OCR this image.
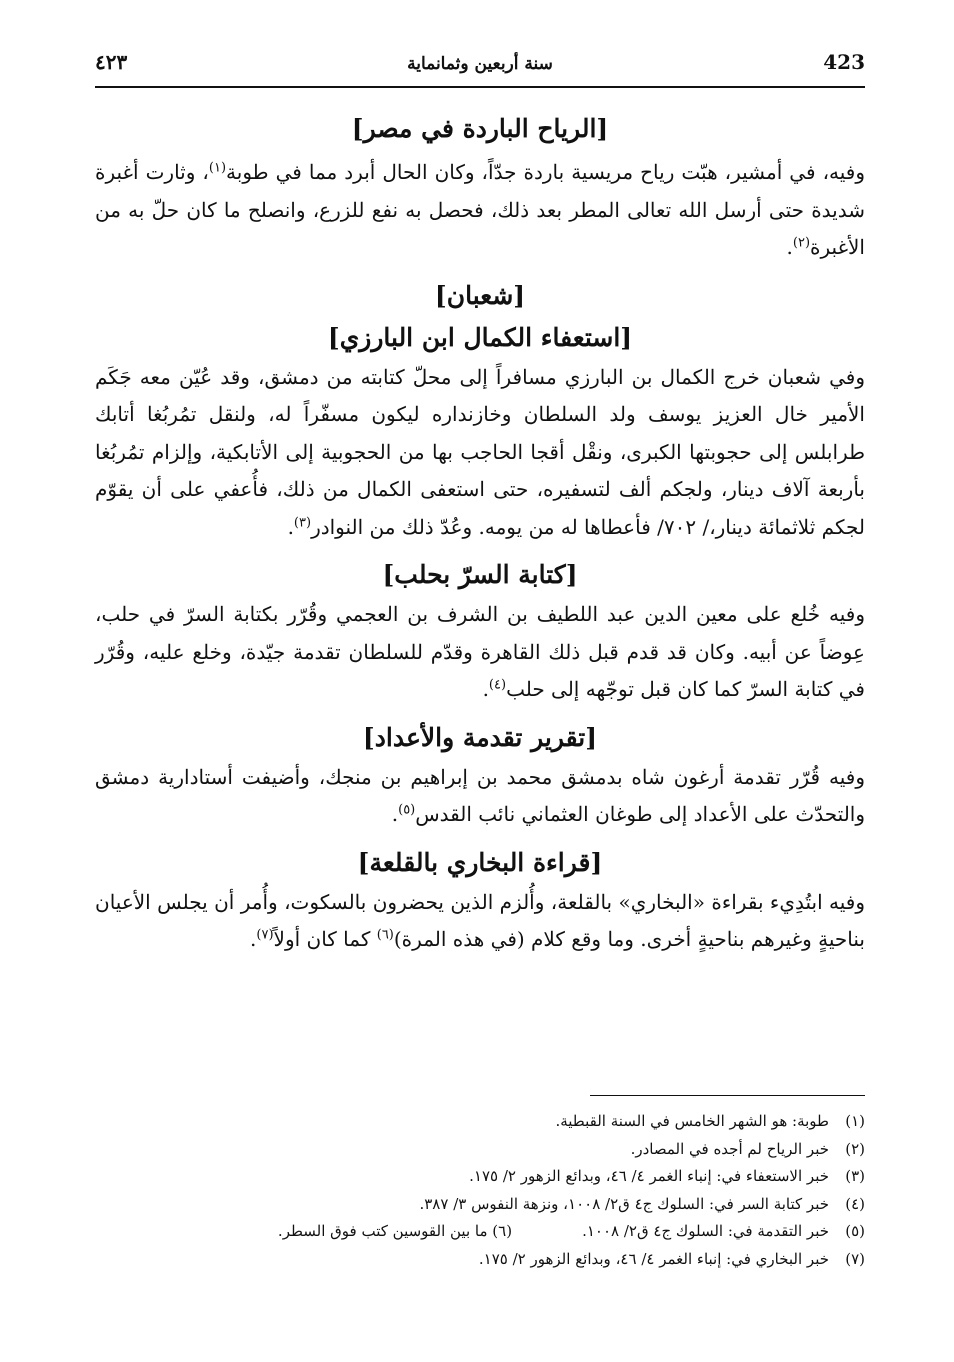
423
سنة أربعين وثمانماية
٤٢٣
[الرياح الباردة في مصر]

وفيه، في أمشير، هبّت رياح مريسية باردة جدّاً، وكان الحال أبرد مما في طوبة$^{(١)}$، وثارت أغبرة شديدة حتى أرسل الله تعالى المطر بعد ذلك، فحصل به نفع للزرع، وانصلح ما كان حلّ به من الأغبرة$^{(٢)}$.

[شعبان]
[استعفاء الكمال ابن البارزي]

وفي شعبان خرج الكمال بن البارزي مسافراً إلى محلّ كتابته من دمشق، وقد عُيّن معه جَكَم الأمير خال العزيز يوسف ولد السلطان وخازنداره ليكون مسفّراً له، ولنقل تمُربُغا أتابك طرابلس إلى حجوبتها الكبرى، ونقْل أقجا الحاجب بها من الحجوبية إلى الأتابكية، وإلزام تمُربُغا بأربعة آلاف دينار، ولجكم ألف لتسفيره، حتى استعفى الكمال من ذلك، فأُعفي على أن يقوّم لجكم ثلاثمائة دينار،/ ٧٠٢/ فأعطاها له من يومه. وعُدّ ذلك من النوادر$^{(٣)}$.

[كتابة السرّ بحلب]

وفيه خُلع على معين الدين عبد اللطيف بن الشرف بن العجمي وقُرّر بكتابة السرّ في حلب، عِوضاً عن أبيه. وكان قد قدم قبل ذلك القاهرة وقدّم للسلطان تقدمة جيّدة، وخلع عليه، وقُرّر في كتابة السرّ كما كان قبل توجّهه إلى حلب$^{(٤)}$.

[تقرير تقدمة والأعداد]

وفيه قُرّر تقدمة أرغون شاه بدمشق محمد بن إبراهيم بن منجك، وأضيفت أستادارية دمشق والتحدّث على الأعداد إلى طوغان العثماني نائب القدس$^{(٥)}$.

[قراءة البخاري بالقلعة]

وفيه ابتُدِيء بقراءة «البخاري» بالقلعة، وأُلزم الذين يحضرون بالسكوت، وأُمر أن يجلس الأعيان بناحيةٍ وغيرهم بناحيةٍ أخرى. وما وقع كلام (في هذه المرة)$^{(٦)}$ كما كان أولاً$^{(٧)}$.

(١)طوبة: هو الشهر الخامس في السنة القبطية.
(٢)خبر الرياح لم أجده في المصادر.
(٣)خبر الاستعفاء في: إنباء الغمر ٤/ ٤٦، وبدائع الزهور ٢/ ١٧٥.
(٤)خبر كتابة السر في: السلوك ج٤ ق٢/ ١٠٠٨، ونزهة النفوس ٣/ ٣٨٧.
(٥)خبر التقدمة في: السلوك ج٤ ق٢/ ١٠٠٨.(٦) ما بين القوسين كتب فوق السطر.
(٧)خبر البخاري في: إنباء الغمر ٤/ ٤٦، وبدائع الزهور ٢/ ١٧٥.
